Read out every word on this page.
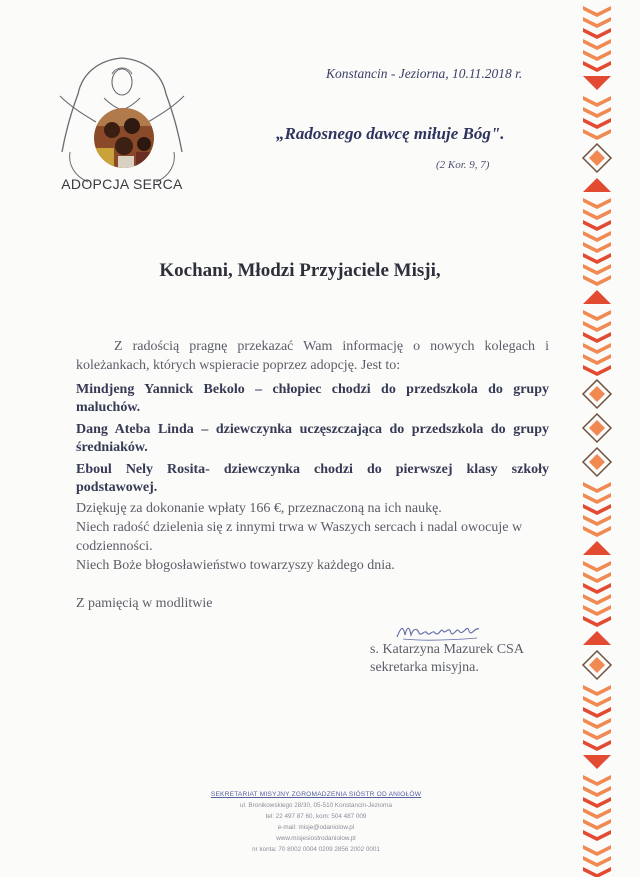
ADOPCJA SERCA
Konstancin - Jeziorna, 10.11.2018 r.
„Radosnego dawcę miłuje Bóg".
(2 Kor. 9, 7)
Kochani, Młodzi Przyjaciele Misji,
Z radością pragnę przekazać Wam informację o nowych kolegach i koleżankach, których wspieracie poprzez adopcję. Jest to:

Mindjeng Yannick Bekolo – chłopiec chodzi do przedszkola do grupy maluchów.

Dang Ateba Linda – dziewczynka uczęszczająca do przedszkola do grupy średniaków.

Eboul Nely Rosita- dziewczynka chodzi do pierwszej klasy szkoły podstawowej.

Dziękuję za dokonanie wpłaty 166 €, przeznaczoną na ich naukę.

Niech radość dzielenia się z innymi trwa w Waszych sercach i nadal owocuje w codzienności.

Niech Boże błogosławieństwo towarzyszy każdego dnia.

Z pamięcią w modlitwie
s. Katarzyna Mazurek CSA
sekretarka misyjna.
SEKRETARIAT MISYJNY ZGROMADZENIA SIÓSTR OD ANIOŁÓW
ul. Bronikowskiego 28/30, 05-510 Konstancin-Jeziorna
tel: 22 497 87 60, kom: 504 487 009
e-mail: misje@odaniolow.pl
www.misjesiostrodaniolow.pl
nr konta: 70 8002 0004 0209 2856 2002 0001
